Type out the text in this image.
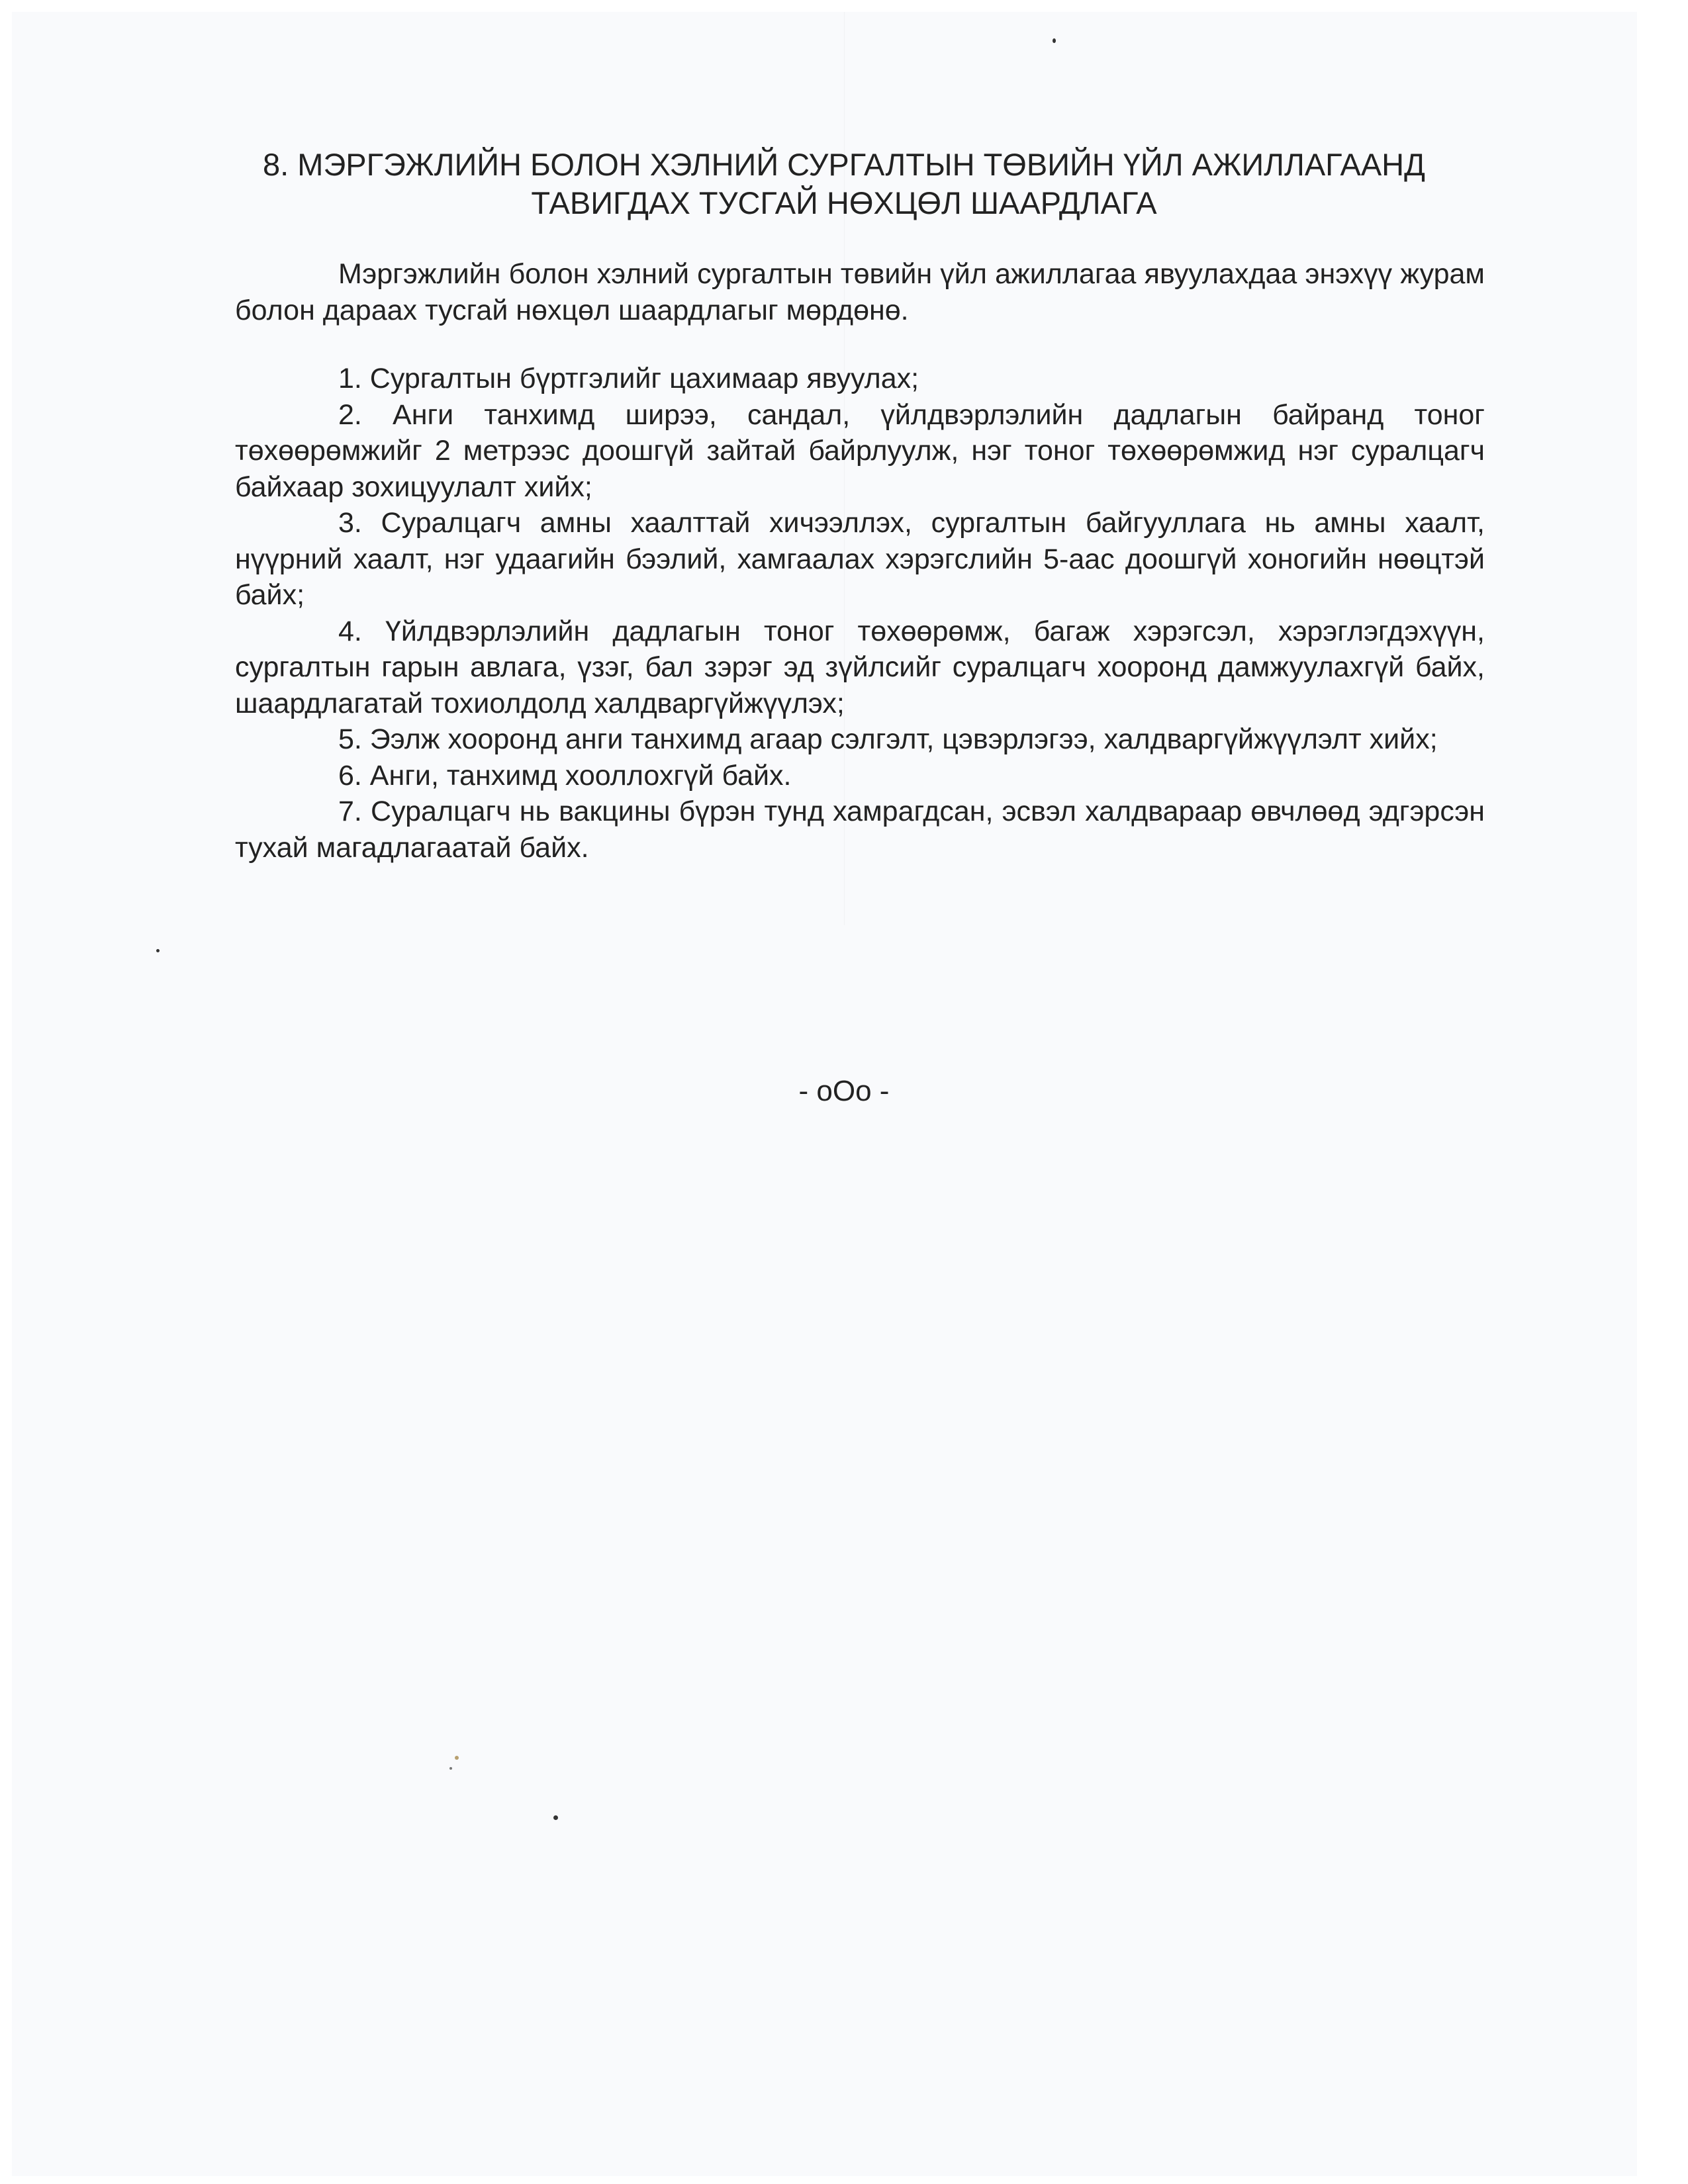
8. МЭРГЭЖЛИЙН БОЛОН ХЭЛНИЙ СУРГАЛТЫН ТӨВИЙН ҮЙЛ АЖИЛЛАГААНД
ТАВИГДАХ ТУСГАЙ НӨХЦӨЛ ШААРДЛАГА

Мэргэжлийн болон хэлний сургалтын төвийн үйл ажиллагаа явуулахдаа энэхүү журам болон дараах тусгай нөхцөл шаардлагыг мөрдөнө.

1. Сургалтын бүртгэлийг цахимаар явуулах;

2. Анги танхимд ширээ, сандал, үйлдвэрлэлийн дадлагын байранд тоног төхөөрөмжийг 2 метрээс доошгүй зайтай байрлуулж, нэг тоног төхөөрөмжид нэг суралцагч байхаар зохицуулалт хийх;

3. Суралцагч амны хаалттай хичээллэх, сургалтын байгууллага нь амны хаалт, нүүрний хаалт, нэг удаагийн бээлий, хамгаалах хэрэгслийн 5-аас доошгүй хоногийн нөөцтэй байх;

4. Үйлдвэрлэлийн дадлагын тоног төхөөрөмж, багаж хэрэгсэл, хэрэглэгдэхүүн, сургалтын гарын авлага, үзэг, бал зэрэг эд зүйлсийг суралцагч хооронд дамжуулахгүй байх, шаардлагатай тохиолдолд халдваргүйжүүлэх;

5. Ээлж хооронд анги танхимд агаар сэлгэлт, цэвэрлэгээ, халдваргүйжүүлэлт хийх;

6. Анги, танхимд хооллохгүй байх.

7. Суралцагч нь вакцины бүрэн тунд хамрагдсан, эсвэл халдвараар өвчлөөд эдгэрсэн тухай магадлагаатай байх.

- оОо -
